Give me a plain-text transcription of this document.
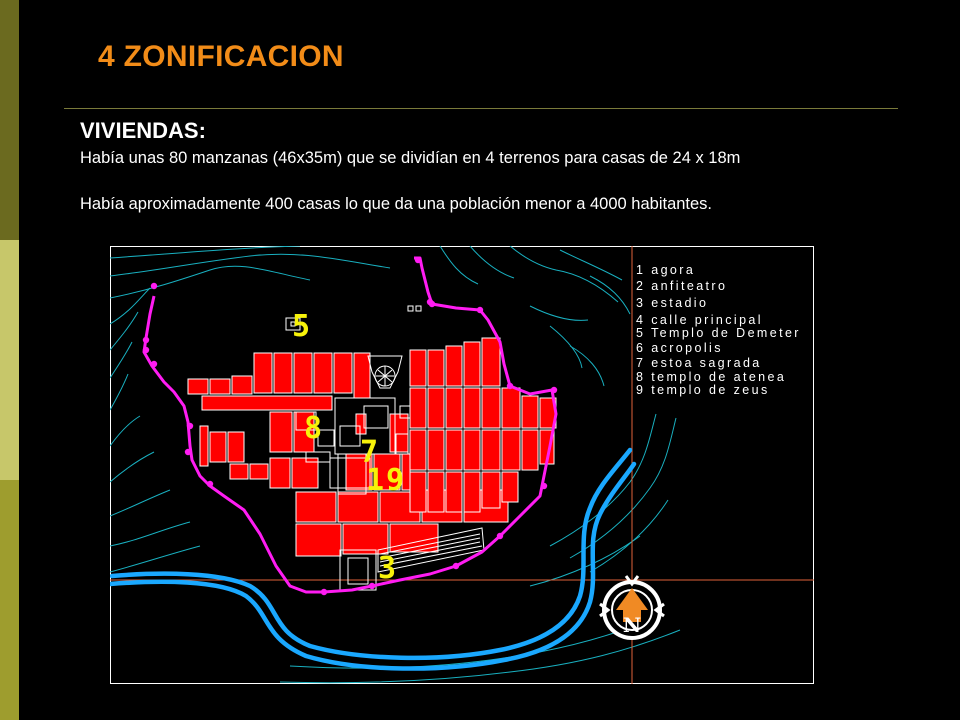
4 ZONIFICACION
VIVIENDAS:
Había unas 80 manzanas (46x35m) que se dividían en 4 terrenos para casas de 24 x 18m
Había aproximadamente 400 casas lo que da una población menor a 4000 habitantes.
5
8
7
1 9
3
1 agora
2 anfiteatro
3 estadio
4 calle principal
5 Templo de Demeter
6 acropolis
7 estoa sagrada
8 templo de atenea
9 templo de zeus
N
